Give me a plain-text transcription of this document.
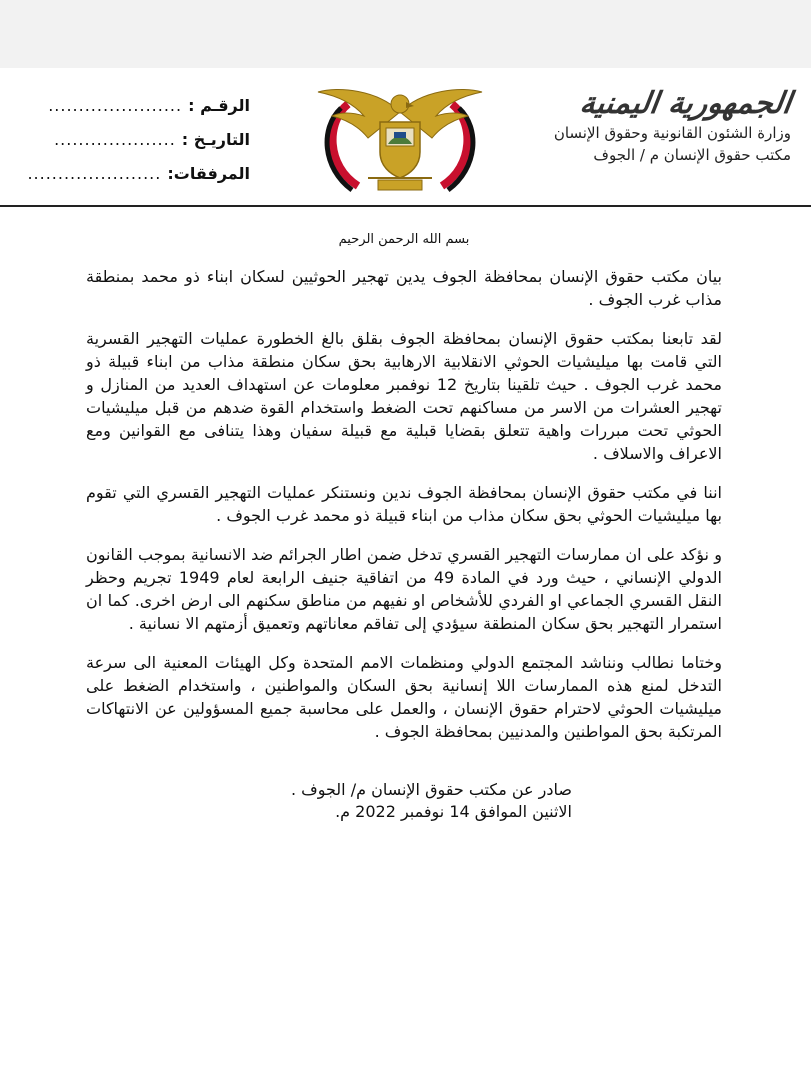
الجمهورية اليمنية
وزارة الشئون القانونية وحقوق الإنسان
مكتب حقوق الإنسان م / الجوف
الرقـم :
......................
التاريـخ :
....................
المرفقات:
......................
بسم الله الرحمن الرحيم

بيان مكتب حقوق الإنسان بمحافظة الجوف يدين تهجير الحوثيين لسكان ابناء ذو محمد بمنطقة مذاب غرب الجوف .

لقد تابعنا بمكتب حقوق الإنسان بمحافظة الجوف بقلق بالغ الخطورة عمليات التهجير القسرية التي قامت بها ميليشيات الحوثي الانقلابية الارهابية بحق سكان منطقة مذاب من ابناء قبيلة ذو محمد غرب الجوف . حيث تلقينا بتاريخ 12 نوفمبر معلومات عن استهداف العديد من المنازل و تهجير العشرات من الاسر من مساكنهم تحت الضغط واستخدام القوة ضدهم من قبل ميليشيات الحوثي تحت مبررات واهية تتعلق بقضايا قبلية مع قبيلة سفيان وهذا يتنافى مع القوانين ومع الاعراف والاسلاف .

اننا في مكتب حقوق الإنسان بمحافظة الجوف ندين ونستنكر عمليات التهجير القسري التي تقوم بها ميليشيات الحوثي بحق سكان مذاب من ابناء قبيلة ذو محمد غرب الجوف .

و نؤكد على ان ممارسات التهجير القسري تدخل ضمن اطار الجرائم ضد الانسانية بموجب القانون الدولي الإنساني ، حيث ورد في المادة 49 من اتفاقية جنيف الرابعة لعام 1949 تجريم وحظر النقل القسري الجماعي او الفردي للأشخاص او نفيهم من مناطق سكنهم الى ارض اخرى. كما ان استمرار التهجير بحق سكان المنطقة سيؤدي إلى تفاقم معاناتهم وتعميق أزمتهم الا نسانية .

وختاما نطالب ونناشد المجتمع الدولي ومنظمات الامم المتحدة وكل الهيئات المعنية الى سرعة التدخل لمنع هذه الممارسات اللا إنسانية بحق السكان والمواطنين ، واستخدام الضغط على ميليشيات الحوثي لاحترام حقوق الإنسان ، والعمل على محاسبة جميع المسؤولين عن الانتهاكات المرتكبة بحق المواطنين والمدنيين بمحافظة الجوف .

صادر عن مكتب حقوق الإنسان م/ الجوف .
الاثنين الموافق 14 نوفمبر 2022 م.
